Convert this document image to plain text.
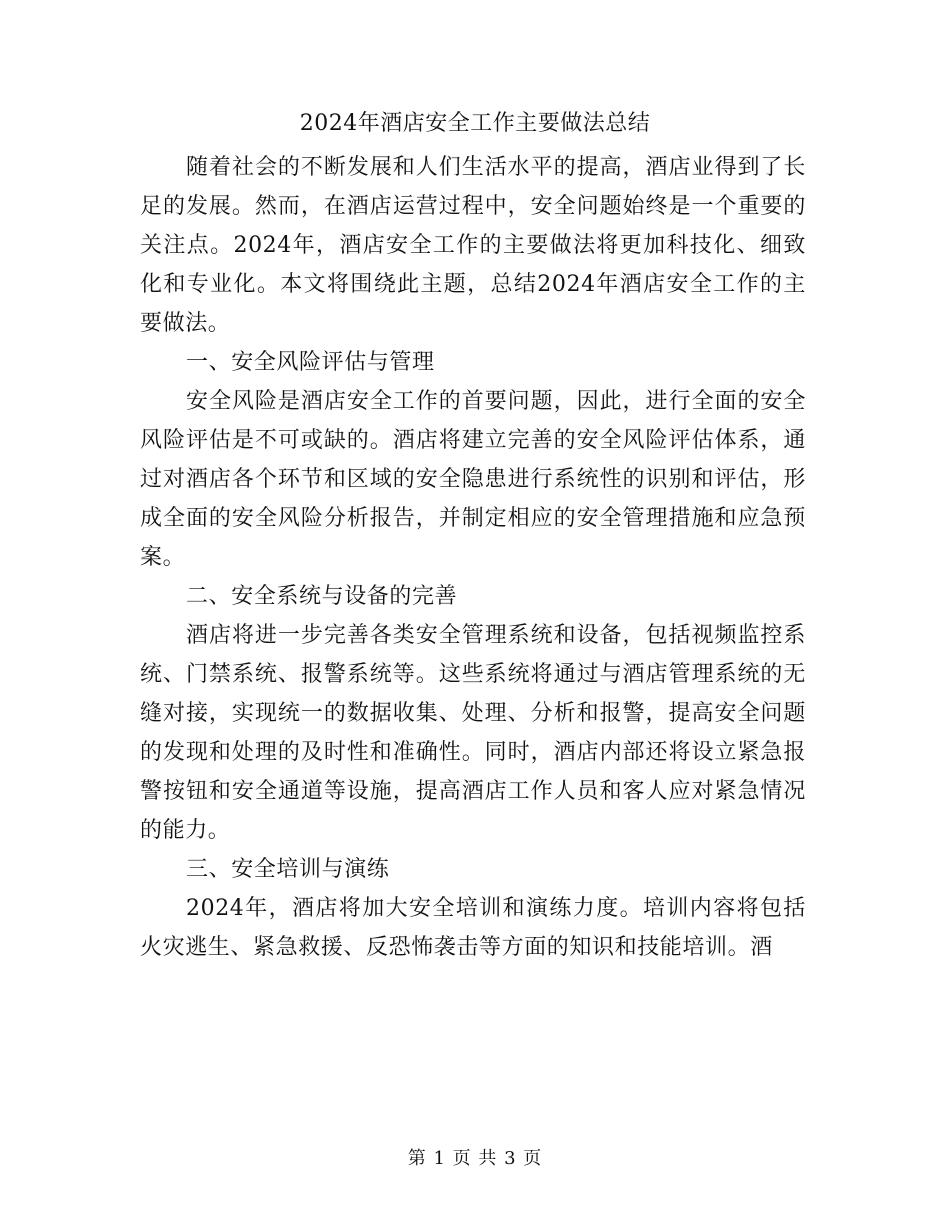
2024年酒店安全工作主要做法总结

随着社会的不断发展和人们生活水平的提高，酒店业得到了长足的发展。然而，在酒店运营过程中，安全问题始终是一个重要的关注点。2024年，酒店安全工作的主要做法将更加科技化、细致化和专业化。本文将围绕此主题，总结2024年酒店安全工作的主要做法。

一、安全风险评估与管理

安全风险是酒店安全工作的首要问题，因此，进行全面的安全风险评估是不可或缺的。酒店将建立完善的安全风险评估体系，通过对酒店各个环节和区域的安全隐患进行系统性的识别和评估，形成全面的安全风险分析报告，并制定相应的安全管理措施和应急预案。

二、安全系统与设备的完善

酒店将进一步完善各类安全管理系统和设备，包括视频监控系统、门禁系统、报警系统等。这些系统将通过与酒店管理系统的无缝对接，实现统一的数据收集、处理、分析和报警，提高安全问题的发现和处理的及时性和准确性。同时，酒店内部还将设立紧急报警按钮和安全通道等设施，提高酒店工作人员和客人应对紧急情况的能力。

三、安全培训与演练

2024年，酒店将加大安全培训和演练力度。培训内容将包括火灾逃生、紧急救援、反恐怖袭击等方面的知识和技能培训。酒

第 1 页 共 3 页
